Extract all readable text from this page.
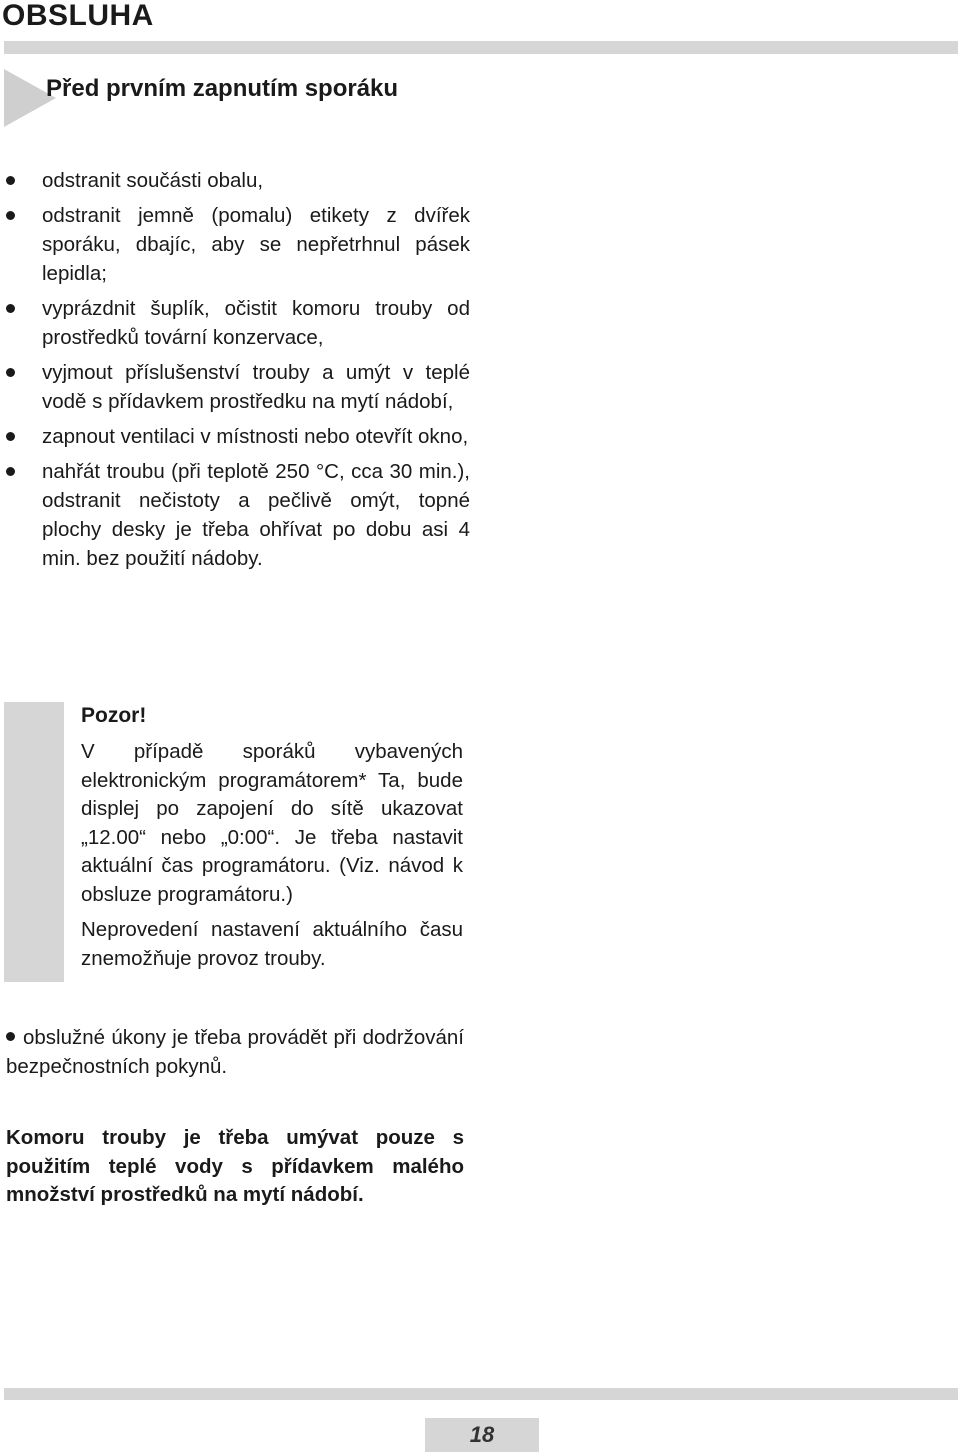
OBSLUHA
Před prvním zapnutím sporáku
odstranit součásti obalu,
odstranit jemně (pomalu) etikety z dvířek sporáku, dbajíc, aby se nepřetrhnul pásek lepidla;
vyprázdnit šuplík, očistit komoru trouby od prostředků tovární konzervace,
vyjmout příslušenství trouby a umýt v teplé vodě s přídavkem prostředku na mytí nádobí,
zapnout ventilaci v místnosti nebo otevřít okno,
nahřát troubu (při teplotě 250 °C, cca 30 min.), odstranit nečistoty a pečlivě omýt, topné plochy desky je třeba ohřívat po dobu asi 4 min. bez použití nádoby.
Pozor!

V případě sporáků vybavených elektronickým programátorem* Ta, bude displej po zapojení do sítě ukazovat „12.00“ nebo „0:00“. Je třeba nastavit aktuální čas programátoru. (Viz. návod k obsluze programátoru.)

Neprovedení nastavení aktuálního času znemožňuje provoz trouby.

obslužné úkony je třeba provádět při dodržování bezpečnostních pokynů.

Komoru trouby je třeba umývat pouze s použitím teplé vody s přídavkem malého množství prostředků na mytí nádobí.

18
